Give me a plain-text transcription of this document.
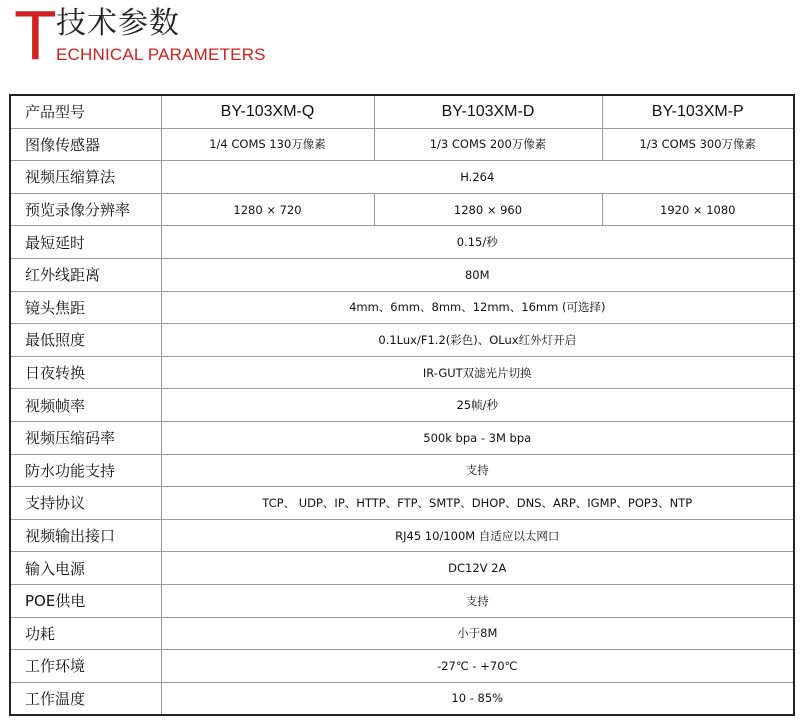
T 技术参数
ECHNICAL PARAMETERS
产品型号	BY-103XM-Q	BY-103XM-D	BY-103XM-P
图像传感器	1/4 COMS 130万像素	1/3 COMS 200万像素	1/3 COMS 300万像素
视频压缩算法	H.264		
预览录像分辨率	1280 × 720	1280 × 960	1920 × 1080
最短延时	0.15/秒		
红外线距离	80M		
镜头焦距	4mm、6mm、8mm、12mm、16mm (可选择)		
最低照度	0.1Lux/F1.2(彩色)、OLux红外灯开启		
日夜转换	IR-GUT双滤光片切换		
视频帧率	25帧/秒		
视频压缩码率	500k bpa - 3M bpa		
防水功能支持	支持		
支持协议	TCP、 UDP、IP、HTTP、FTP、SMTP、DHOP、DNS、ARP、IGMP、POP3、NTP		
视频输出接口	RJ45 10/100M 自适应以太网口		
输入电源	DC12V 2A		
POE供电	支持		
功耗	小于8M		
工作环境	-27℃ - +70℃		
工作温度	10 - 85%		
